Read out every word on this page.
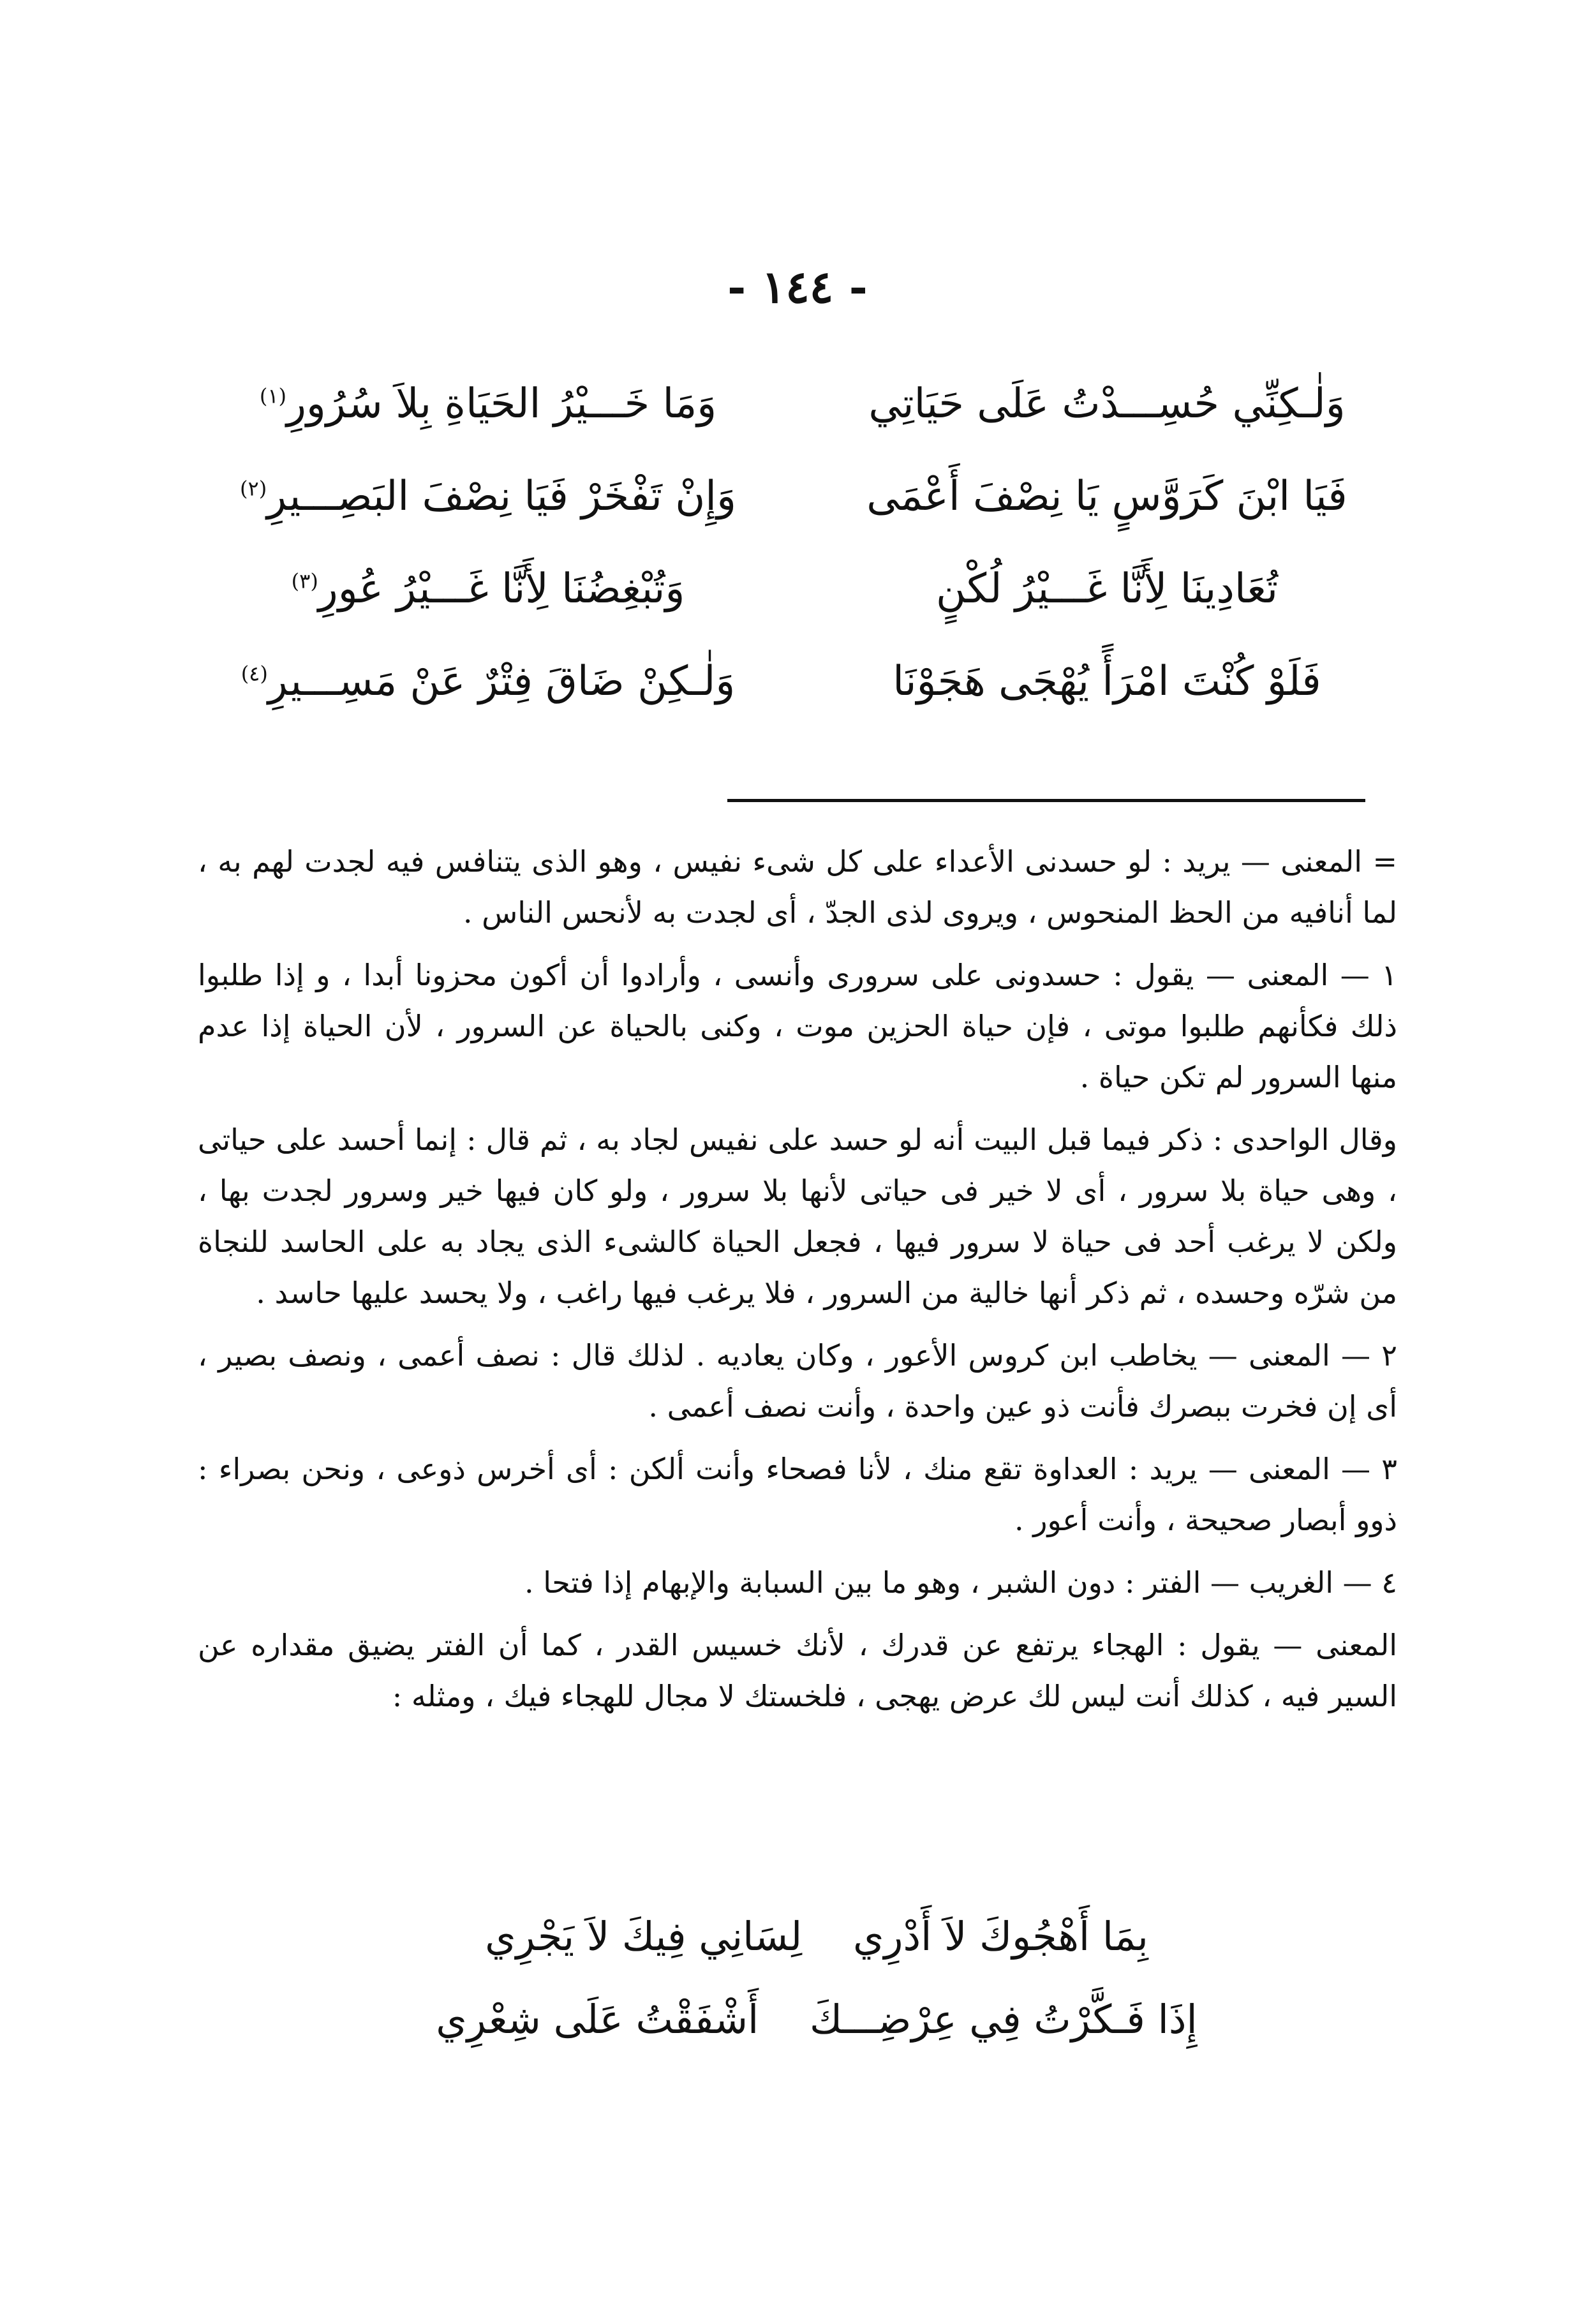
- ١٤٤ -
وَلٰـكِنِّي حُسِـــدْتُ عَلَى حَيَاتِي
وَمَا خَـــيْرُ الحَيَاةِ بِلاَ سُرُورِ$^{(١)}$
فَيَا ابْنَ كَرَوَّسٍ يَا نِصْفَ أَعْمَى
وَإِنْ تَفْخَرْ فَيَا نِصْفَ البَصِـــيرِ$^{(٢)}$
تُعَادِينَا لِأَنَّا غَـــيْرُ لُكْنٍ
وَتُبْغِضُنَا لِأَنَّا غَـــيْرُ عُورِ$^{(٣)}$
فَلَوْ كُنْتَ امْرَأً يُهْجَى هَجَوْنَا
وَلٰـكِنْ ضَاقَ فِتْرٌ عَنْ مَسِـــيرِ$^{(٤)}$

= المعنى — يريد : لو حسدنى الأعداء على كل شىء نفيس ، وهو الذى يتنافس فيه لجدت لهم به ، لما أنافيه من الحظ المنحوس ، ويروى لذى الجدّ ، أى لجدت به لأنحس الناس .

١ — المعنى — يقول : حسدونى على سرورى وأنسى ، وأرادوا أن أكون محزونا أبدا ، و إذا طلبوا ذلك فكأنهم طلبوا موتى ، فإن حياة الحزين موت ، وكنى بالحياة عن السرور ، لأن الحياة إذا عدم منها السرور لم تكن حياة .

وقال الواحدى : ذكر فيما قبل البيت أنه لو حسد على نفيس لجاد به ، ثم قال : إنما أحسد على حياتى ، وهى حياة بلا سرور ، أى لا خير فى حياتى لأنها بلا سرور ، ولو كان فيها خير وسرور لجدت بها ، ولكن لا يرغب أحد فى حياة لا سرور فيها ، فجعل الحياة كالشىء الذى يجاد به على الحاسد للنجاة من شرّه وحسده ، ثم ذكر أنها خالية من السرور ، فلا يرغب فيها راغب ، ولا يحسد عليها حاسد .

٢ — المعنى — يخاطب ابن كروس الأعور ، وكان يعاديه . لذلك قال : نصف أعمى ، ونصف بصير ، أى إن فخرت ببصرك فأنت ذو عين واحدة ، وأنت نصف أعمى .

٣ — المعنى — يريد : العداوة تقع منك ، لأنا فصحاء وأنت ألكن : أى أخرس ذوعى ، ونحن بصراء : ذوو أبصار صحيحة ، وأنت أعور .

٤ — الغريب — الفتر : دون الشبر ، وهو ما بين السبابة والإبهام إذا فتحا .

المعنى — يقول : الهجاء يرتفع عن قدرك ، لأنك خسيس القدر ، كما أن الفتر يضيق مقداره عن السير فيه ، كذلك أنت ليس لك عرض يهجى ، فلخستك لا مجال للهجاء فيك ، ومثله :

بِمَا أَهْجُوكَ لاَ أَدْرِي لِسَانِي فِيكَ لاَ يَجْرِي
إِذَا فَـكَّرْتُ فِي عِرْضِـــكَ أَشْفَقْتُ عَلَى شِعْرِي
